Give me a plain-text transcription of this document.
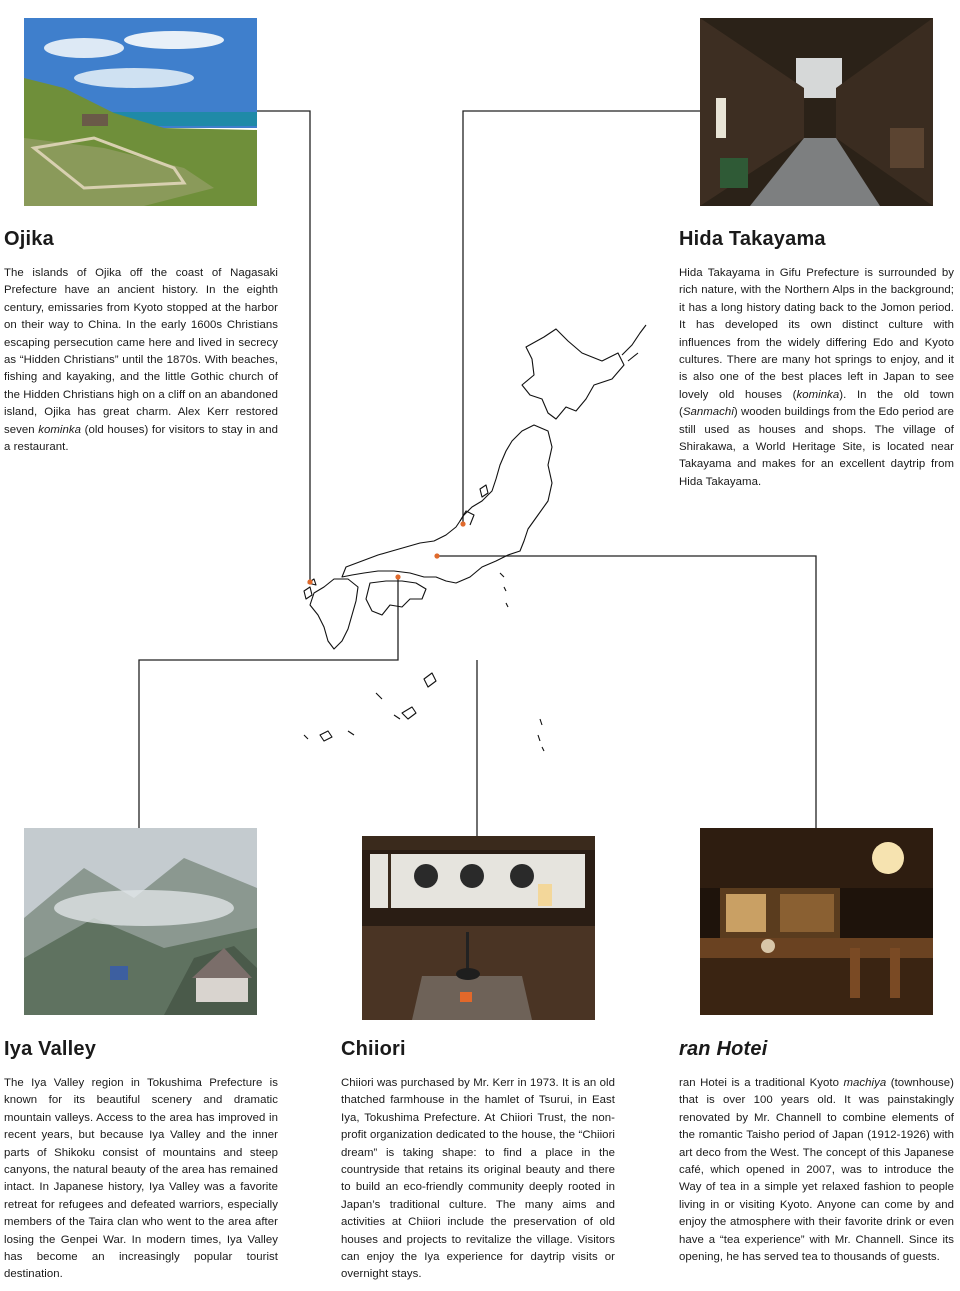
Ojika	Hida Takayama
Iya Valley	Chiiori	ran Hotei

The islands of Ojika off the coast of Nagasaki Prefecture have an ancient history. In the eighth century, emissaries from Kyoto stopped at the harbor on their way to China. In the early 1600s Christians escaping persecution came here and lived in secrecy as “Hidden Christians” until the 1870s. With beaches, fishing and kayaking, and the little Gothic church of the Hidden Christians high on a cliff on an abandoned island, Ojika has great charm. Alex Kerr restored seven kominka (old houses) for visitors to stay in and a restaurant.

Hida Takayama in Gifu Prefecture is surrounded by rich nature, with the Northern Alps in the background; it has a long history dating back to the Jomon period. It has developed its own distinct culture with influences from the widely differing Edo and Kyoto cultures. There are many hot springs to enjoy, and it is also one of the best places left in Japan to see lovely old houses (kominka). In the old town (Sanmachi) wooden buildings from the Edo period are still used as houses and shops. The village of Shirakawa, a World Heritage Site, is located near Takayama and makes for an excellent daytrip from Hida Takayama.

The Iya Valley region in Tokushima Prefecture is known for its beautiful scenery and dramatic mountain valleys. Access to the area has improved in recent years, but because Iya Valley and the inner parts of Shikoku consist of mountains and steep canyons, the natural beauty of the area has remained intact. In Japanese history, Iya Valley was a favorite retreat for refugees and defeated warriors, especially members of the Taira clan who went to the area after losing the Genpei War. In modern times, Iya Valley has become an increasingly popular tourist destination.

Chiiori was purchased by Mr. Kerr in 1973. It is an old thatched farmhouse in the hamlet of Tsurui, in East Iya, Tokushima Prefecture. At Chiiori Trust, the non-profit organization dedicated to the house, the “Chiiori dream” is taking shape: to find a place in the countryside that retains its original beauty and there to build an eco-friendly community deeply rooted in Japan’s traditional culture. The many aims and activities at Chiiori include the preservation of old houses and projects to revitalize the village. Visitors can enjoy the Iya experience for daytrip visits or overnight stays.

ran Hotei is a traditional Kyoto machiya (townhouse) that is over 100 years old. It was painstakingly renovated by Mr. Channell to combine elements of the romantic Taisho period of Japan (1912-1926) with art deco from the West. The concept of this Japanese café, which opened in 2007, was to introduce the Way of tea in a simple yet relaxed fashion to people living in or visiting Kyoto. Anyone can come by and enjoy the atmosphere with their favorite drink or even have a “tea experience” with Mr. Channell. Since its opening, he has served tea to thousands of guests.
